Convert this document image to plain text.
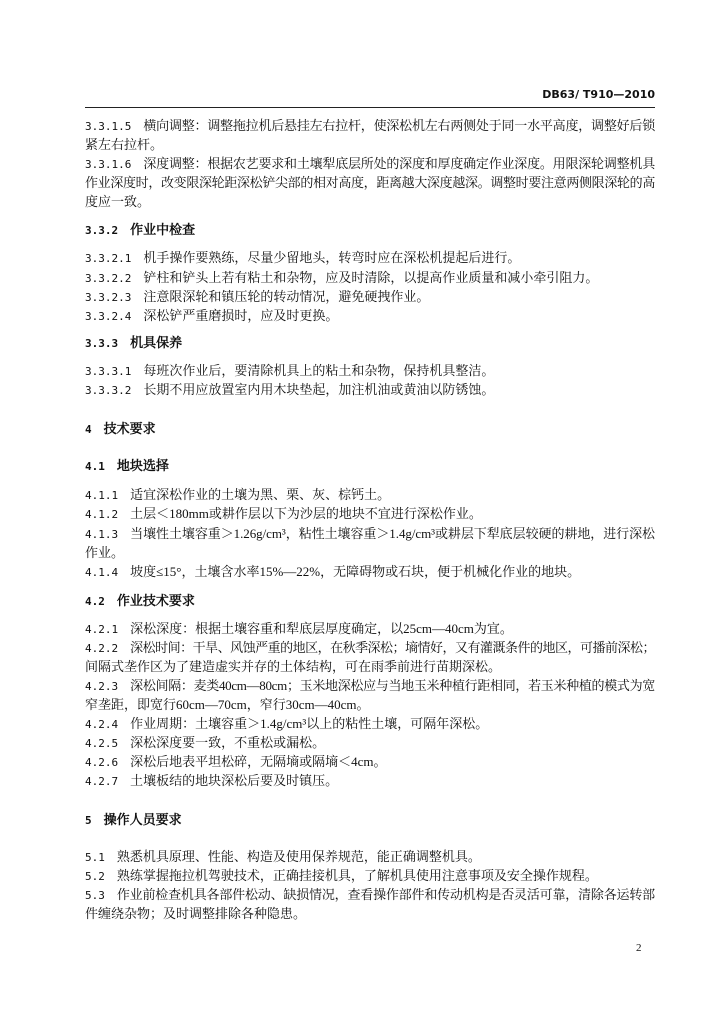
DB63/ T910—2010
3.3.1.5 横向调整：调整拖拉机后悬挂左右拉杆，使深松机左右两侧处于同一水平高度，调整好后锁
紧左右拉杆。
3.3.1.6 深度调整：根据农艺要求和土壤犁底层所处的深度和厚度确定作业深度。用限深轮调整机具
作业深度时，改变限深轮距深松铲尖部的相对高度，距离越大深度越深。调整时要注意两侧限深轮的高
度应一致。
3.3.2 作业中检查
3.3.2.1 机手操作要熟练，尽量少留地头，转弯时应在深松机提起后进行。
3.3.2.2 铲柱和铲头上若有粘土和杂物，应及时清除，以提高作业质量和减小牵引阻力。
3.3.2.3 注意限深轮和镇压轮的转动情况，避免硬拽作业。
3.3.2.4 深松铲严重磨损时，应及时更换。
3.3.3 机具保养
3.3.3.1 每班次作业后，要清除机具上的粘土和杂物，保持机具整洁。
3.3.3.2 长期不用应放置室内用木块垫起，加注机油或黄油以防锈蚀。
4 技术要求
4.1 地块选择
4.1.1 适宜深松作业的土壤为黑、栗、灰、棕钙土。
4.1.2 土层＜180mm或耕作层以下为沙层的地块不宜进行深松作业。
4.1.3 当壤性土壤容重＞1.26g/cm³，粘性土壤容重＞1.4g/cm³或耕层下犁底层较硬的耕地，进行深松
作业。
4.1.4 坡度≤15°，土壤含水率15%—22%，无障碍物或石块，便于机械化作业的地块。
4.2 作业技术要求
4.2.1 深松深度：根据土壤容重和犁底层厚度确定，以25cm—40cm为宜。
4.2.2 深松时间：干旱、风蚀严重的地区，在秋季深松；墒情好，又有灌溉条件的地区，可播前深松；
间隔式垄作区为了建造虚实并存的土体结构，可在雨季前进行苗期深松。
4.2.3 深松间隔：麦类40cm—80cm；玉米地深松应与当地玉米种植行距相同，若玉米种植的模式为宽
窄垄距，即宽行60cm—70cm，窄行30cm—40cm。
4.2.4 作业周期：土壤容重＞1.4g/cm³以上的粘性土壤，可隔年深松。
4.2.5 深松深度要一致，不重松或漏松。
4.2.6 深松后地表平坦松碎，无隔墒或隔墒＜4cm。
4.2.7 土壤板结的地块深松后要及时镇压。
5 操作人员要求
5.1 熟悉机具原理、性能、构造及使用保养规范，能正确调整机具。
5.2 熟练掌握拖拉机驾驶技术，正确挂接机具，了解机具使用注意事项及安全操作规程。
5.3 作业前检查机具各部件松动、缺损情况，查看操作部件和传动机构是否灵活可靠，清除各运转部
件缠绕杂物；及时调整排除各种隐患。
2
